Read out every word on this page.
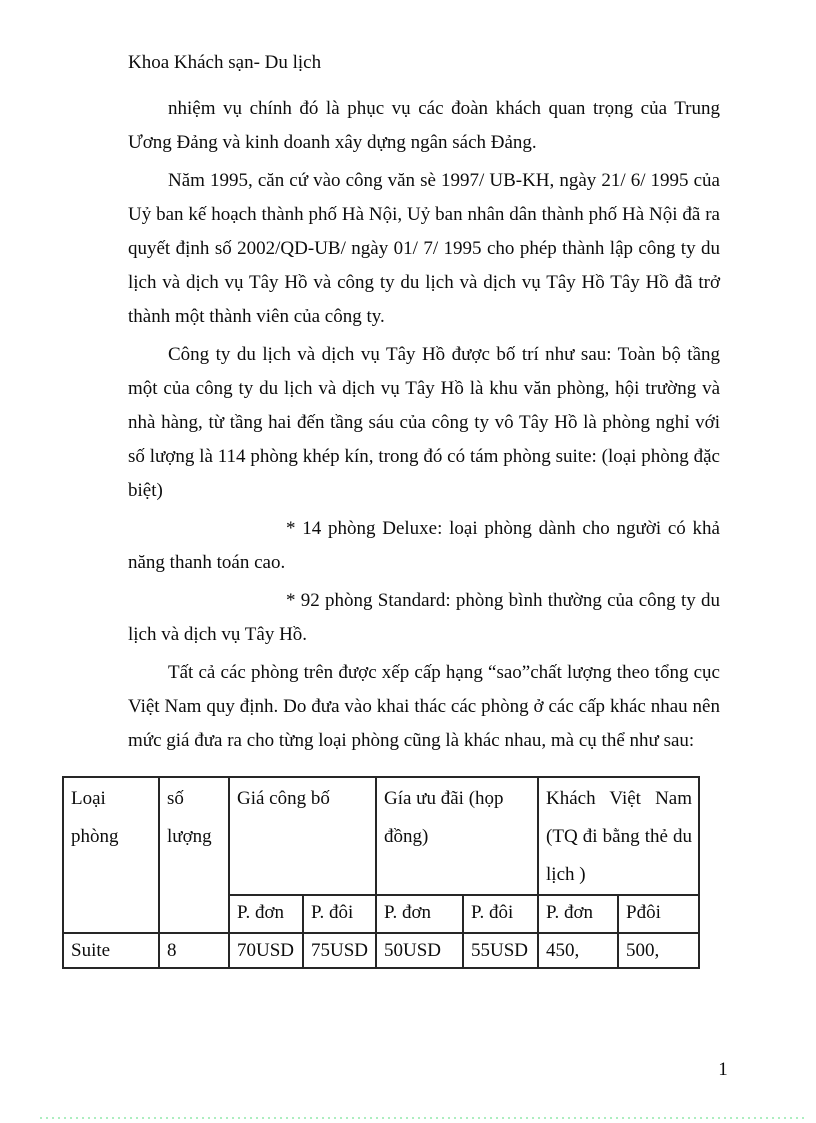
Khoa Khách sạn- Du lịch

nhiệm vụ chính đó là phục vụ các đoàn khách quan trọng của Trung Ương Đảng và kinh doanh xây dựng ngân sách Đảng.

Năm 1995, căn cứ vào công văn sè 1997/ UB-KH, ngày 21/ 6/ 1995 của Uỷ ban kế hoạch thành phố Hà Nội, Uỷ ban nhân dân thành phố Hà Nội đã ra quyết định số 2002/QD-UB/ ngày 01/ 7/ 1995 cho phép thành lập công ty du lịch và dịch vụ Tây Hồ và công ty du lịch và dịch vụ Tây Hồ Tây Hồ đã trở thành một thành viên của công ty.

Công ty du lịch và dịch vụ Tây Hồ được bố trí như sau: Toàn bộ tầng một của công ty du lịch và dịch vụ Tây Hồ là khu văn phòng, hội trường và nhà hàng, từ tầng hai đến tầng sáu của công ty vô Tây Hồ là phòng nghỉ với số lượng là 114 phòng khép kín, trong đó có tám phòng suite: (loại phòng đặc biệt)

* 14 phòng Deluxe: loại phòng dành cho người có khả năng thanh toán cao.

* 92 phòng Standard: phòng bình thường của công ty du lịch và dịch vụ Tây Hồ.

Tất cả các phòng trên được xếp cấp hạng “sao”chất lượng theo tổng cục Việt Nam quy định. Do đưa vào khai thác các phòng ở các cấp khác nhau nên mức giá đưa ra cho từng loại phòng cũng là khác nhau, mà cụ thể như sau:

Loại phòng	số lượng	Giá công bố		Gía ưu đãi (họp đồng)		Khách Việt Nam (TQ đi bằng thẻ du lịch )	
		P. đơn	P. đôi	P. đơn	P. đôi	P. đơn	Pđôi
Suite	8	70USD	75USD	50USD	55USD	450,	500,
1
